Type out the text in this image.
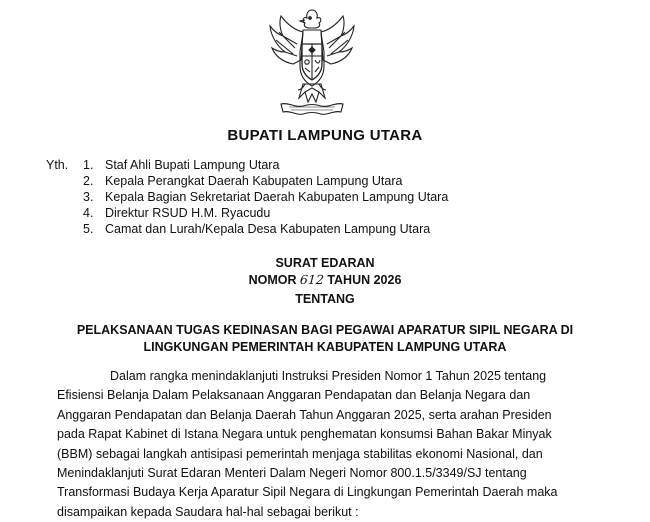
BUPATI LAMPUNG UTARA
Yth. 1. Staf Ahli Bupati Lampung Utara
2. Kepala Perangkat Daerah Kabupaten Lampung Utara
3. Kepala Bagian Sekretariat Daerah Kabupaten Lampung Utara
4. Direktur RSUD H.M. Ryacudu
5. Camat dan Lurah/Kepala Desa Kabupaten Lampung Utara
SURAT EDARAN
NOMOR 612 TAHUN 2026
TENTANG
PELAKSANAAN TUGAS KEDINASAN BAGI PEGAWAI APARATUR SIPIL NEGARA DI
LINGKUNGAN PEMERINTAH KABUPATEN LAMPUNG UTARA
Dalam rangka menindaklanjuti Instruksi Presiden Nomor 1 Tahun 2025 tentang
Efisiensi Belanja Dalam Pelaksanaan Anggaran Pendapatan dan Belanja Negara dan
Anggaran Pendapatan dan Belanja Daerah Tahun Anggaran 2025, serta arahan Presiden
pada Rapat Kabinet di Istana Negara untuk penghematan konsumsi Bahan Bakar Minyak
(BBM) sebagai langkah antisipasi pemerintah menjaga stabilitas ekonomi Nasional, dan
Menindaklanjuti Surat Edaran Menteri Dalam Negeri Nomor 800.1.5/3349/SJ tentang
Transformasi Budaya Kerja Aparatur Sipil Negara di Lingkungan Pemerintah Daerah maka
disampaikan kepada Saudara hal-hal sebagai berikut :
